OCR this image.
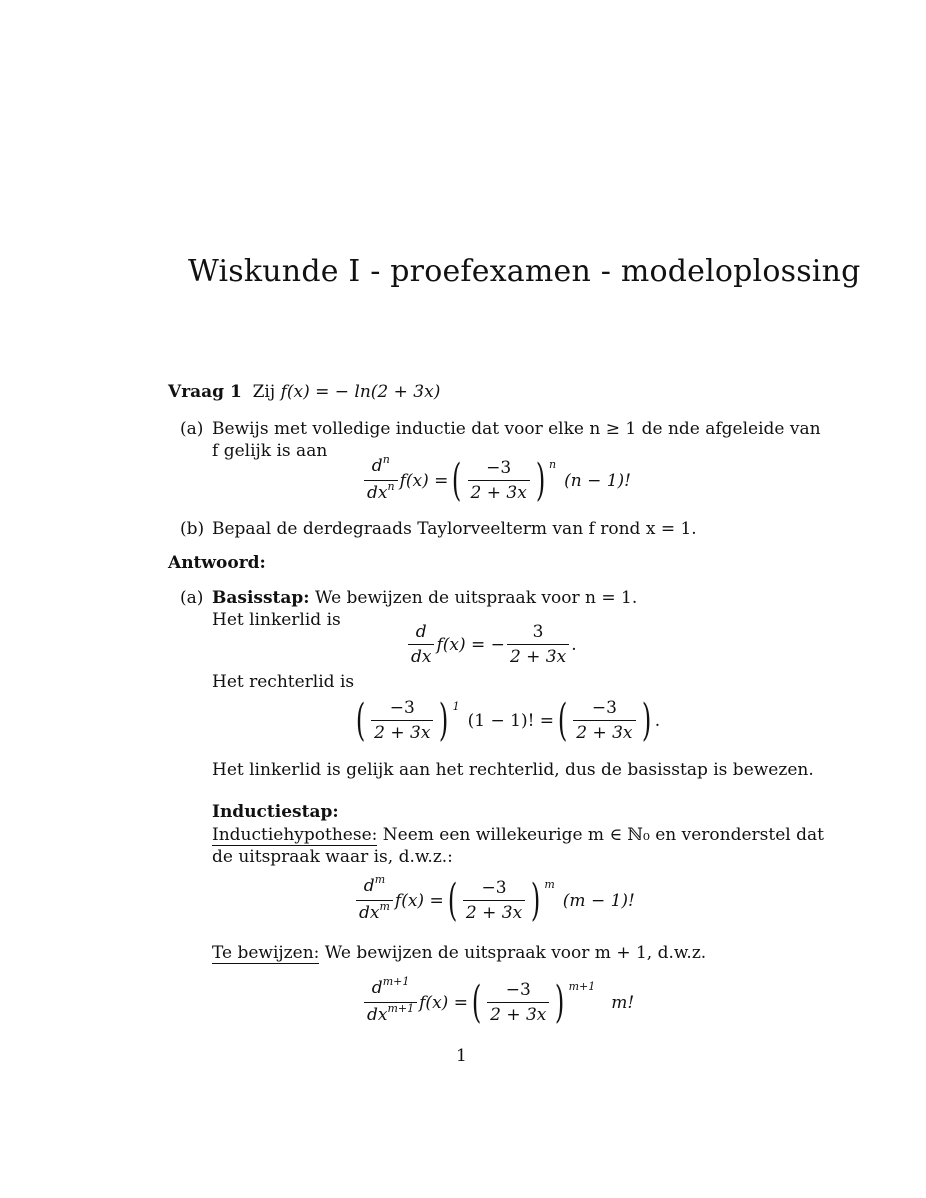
Wiskunde I - proefexamen - modeloplossing
Vraag 1 Zij f(x) = − ln(2 + 3x)
(a) Bewijs met volledige inductie dat voor elke n ≥ 1 de nde afgeleide van
f gelijk is aan
$\frac{d^n}{dx^n} f(x)$ = ( $\frac{-3}{2 + 3x}$ ) n
(n − 1)!
(b) Bepaal de derdegraads Taylorveelterm van f rond x = 1.
Antwoord:
(a) Basisstap: We bewijzen de uitspraak voor n = 1.
Het linkerlid is
$\frac{d}{dx} f(x)$ = − $\frac{3}{2 + 3x}$ .
Het rechterlid is
( $\frac{-3}{2 + 3x}$ ) 1
(1 − 1)! = ( $\frac{-3}{2 + 3x}$ ) .
Het linkerlid is gelijk aan het rechterlid, dus de basisstap is bewezen.
Inductiestap:
Inductiehypothese: Neem een willekeurige m ∈ ℕ₀ en veronderstel dat
de uitspraak waar is, d.w.z.:
$\frac{d^m}{dx^m} f(x)$ = ( $\frac{-3}{2 + 3x}$ ) m
(m − 1)!
Te bewijzen: We bewijzen de uitspraak voor m + 1, d.w.z.
$\frac{d^{m+1}}{dx^{m+1}} f(x)$ = ( $\frac{-3}{2 + 3x}$ ) m+1
m!
1
